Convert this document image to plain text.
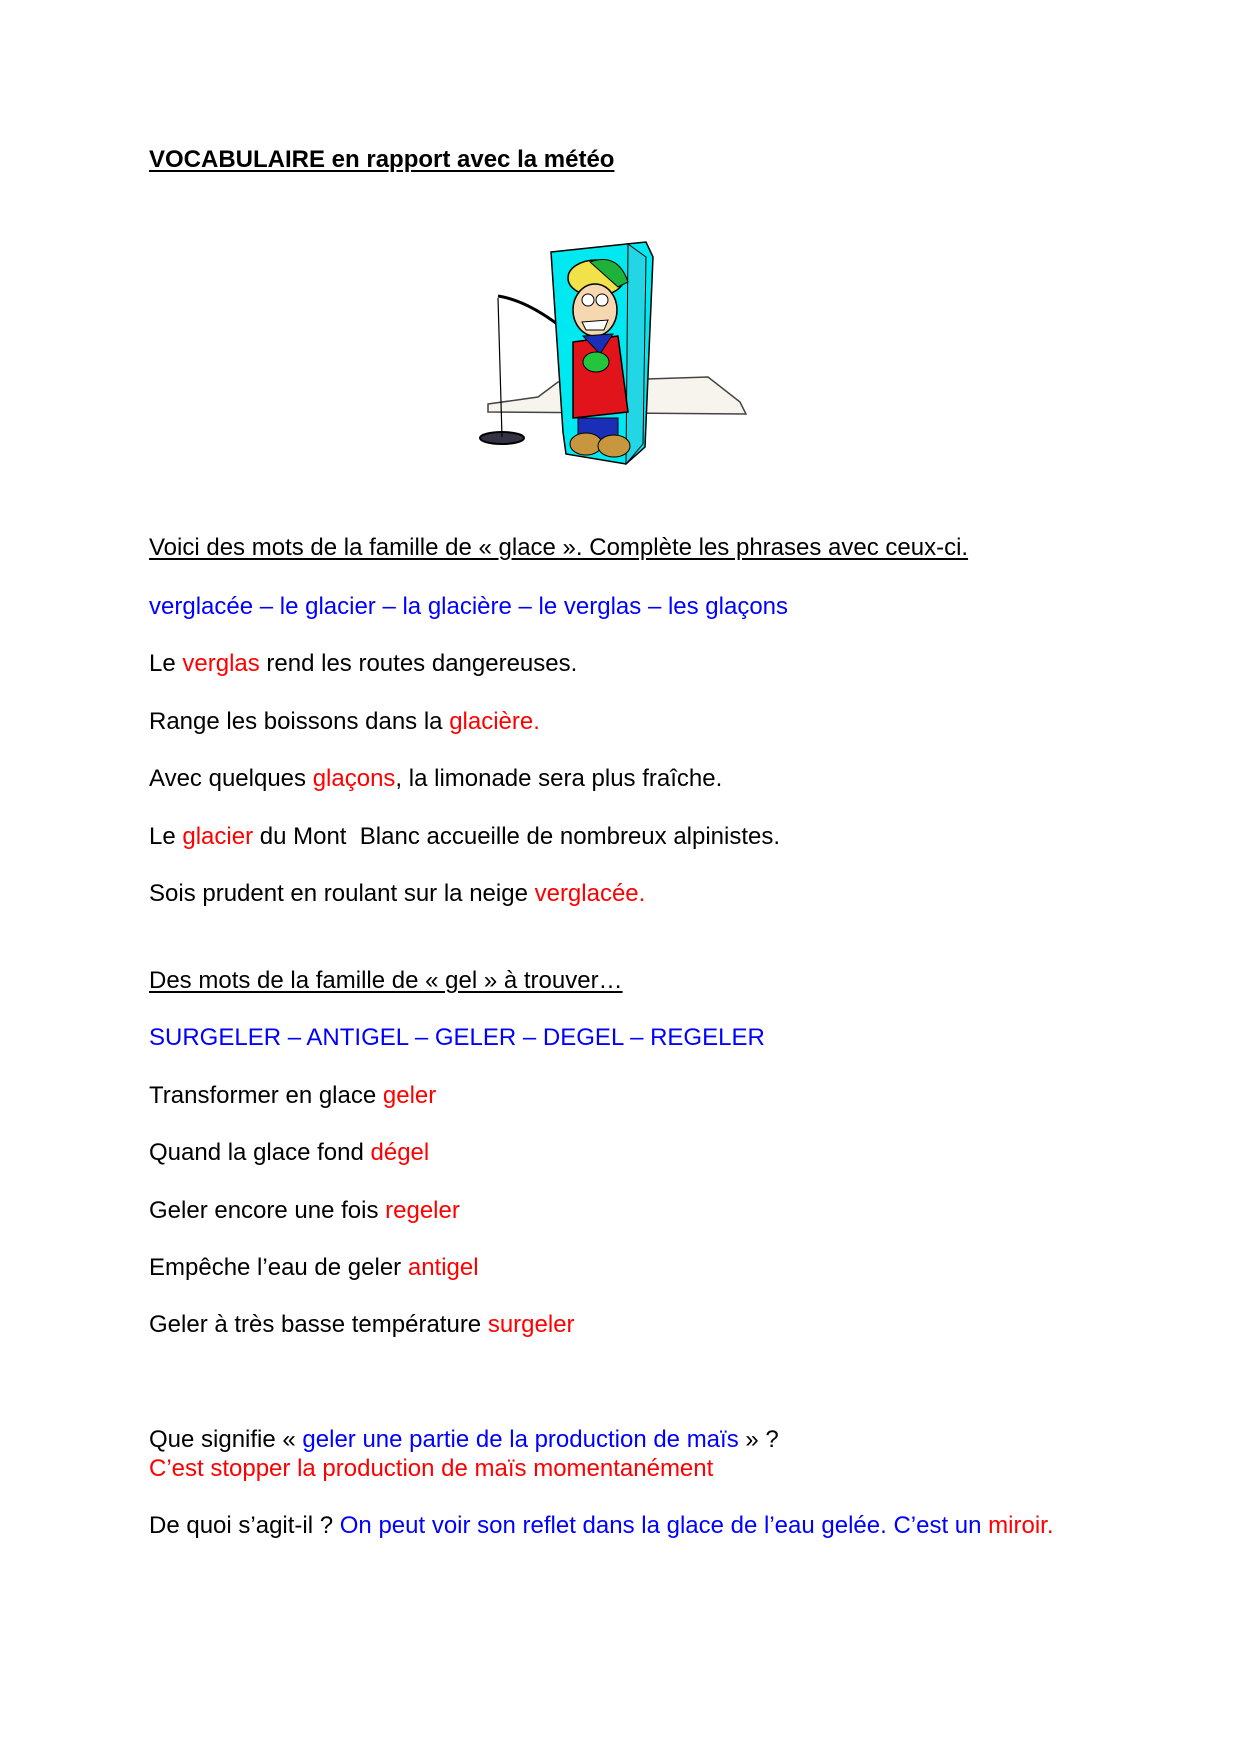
VOCABULAIRE en rapport avec la météo
Voici des mots de la famille de « glace ». Complète les phrases avec ceux-ci.
verglacée – le glacier – la glacière – le verglas – les glaçons
Le verglas rend les routes dangereuses.
Range les boissons dans la glacière.
Avec quelques glaçons, la limonade sera plus fraîche.
Le glacier du Mont  Blanc accueille de nombreux alpinistes.
Sois prudent en roulant sur la neige verglacée.
Des mots de la famille de « gel » à trouver…
SURGELER – ANTIGEL – GELER – DEGEL – REGELER
Transformer en glace geler
Quand la glace fond dégel
Geler encore une fois regeler
Empêche l’eau de geler antigel
Geler à très basse température surgeler
Que signifie « geler une partie de la production de maïs » ?
C’est stopper la production de maïs momentanément
De quoi s’agit-il ? On peut voir son reflet dans la glace de l’eau gelée. C’est un miroir.
